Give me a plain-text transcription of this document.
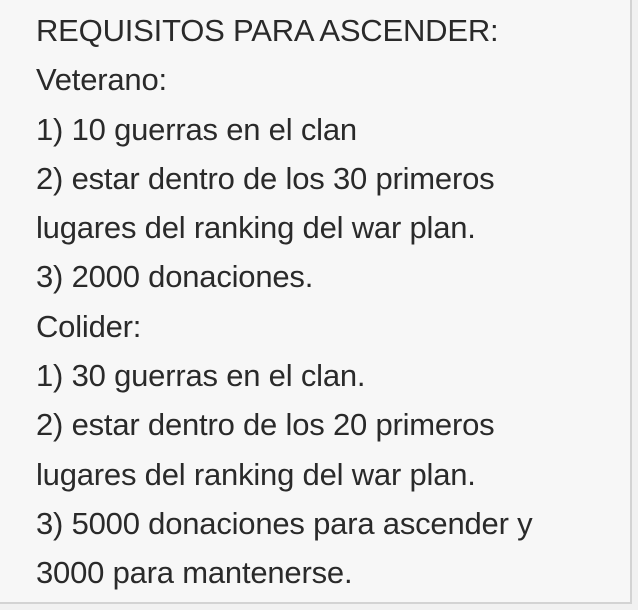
REQUISITOS PARA ASCENDER:
Veterano:
1) 10 guerras en el clan
2) estar dentro de los 30 primeros
lugares del ranking del war plan.
3) 2000 donaciones.
Colider:
1) 30 guerras en el clan.
2) estar dentro de los 20 primeros
lugares del ranking del war plan.
3) 5000 donaciones para ascender y
3000 para mantenerse.
